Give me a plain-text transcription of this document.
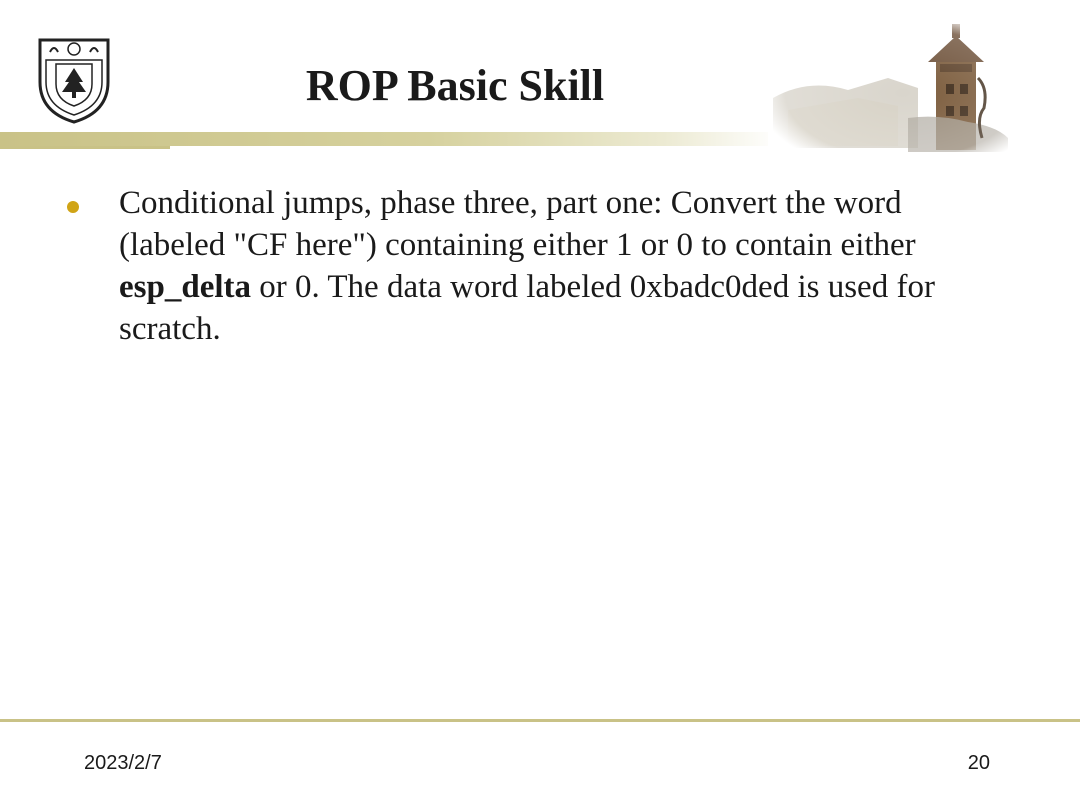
ROP Basic Skill
Conditional jumps, phase three, part one: Convert the word (labeled "CF here") containing either 1 or 0 to contain either esp_delta or 0. The data word labeled 0xbadc0ded is used for scratch.
2023/2/7	20
